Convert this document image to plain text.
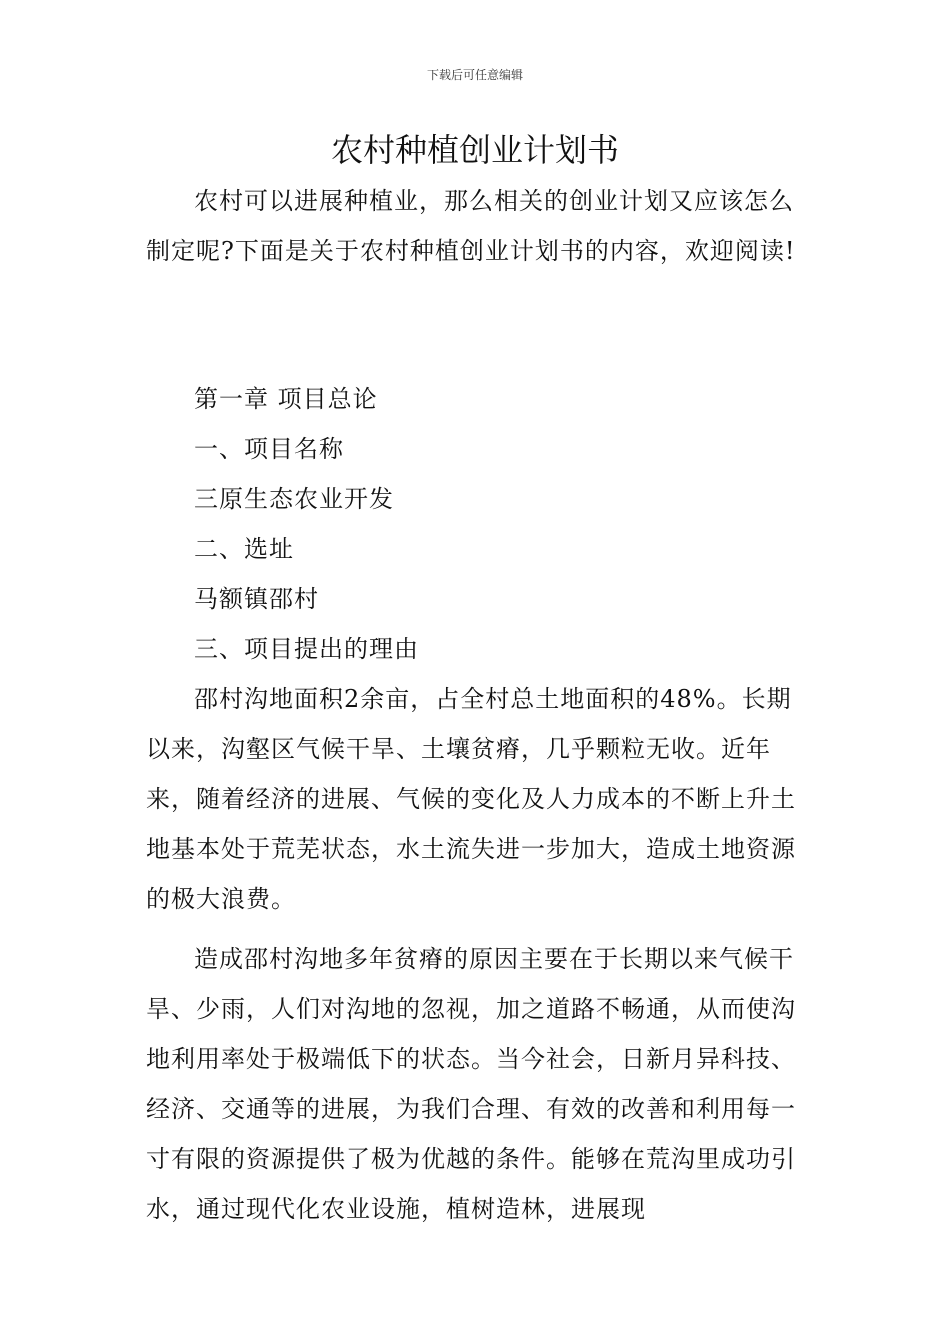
下载后可任意编辑
农村种植创业计划书

农村可以进展种植业，那么相关的创业计划又应该怎么制定呢?下面是关于农村种植创业计划书的内容，欢迎阅读!

第一章 项目总论

一、项目名称

三原生态农业开发

二、选址

马额镇邵村

三、项目提出的理由

邵村沟地面积2余亩，占全村总土地面积的48%。长期以来，沟壑区气候干旱、土壤贫瘠，几乎颗粒无收。近年来，随着经济的进展、气候的变化及人力成本的不断上升土地基本处于荒芜状态，水土流失进一步加大，造成土地资源的极大浪费。

造成邵村沟地多年贫瘠的原因主要在于长期以来气候干旱、少雨，人们对沟地的忽视，加之道路不畅通，从而使沟地利用率处于极端低下的状态。当今社会，日新月异科技、经济、交通等的进展，为我们合理、有效的改善和利用每一寸有限的资源提供了极为优越的条件。能够在荒沟里成功引水，通过现代化农业设施，植树造林，进展现
